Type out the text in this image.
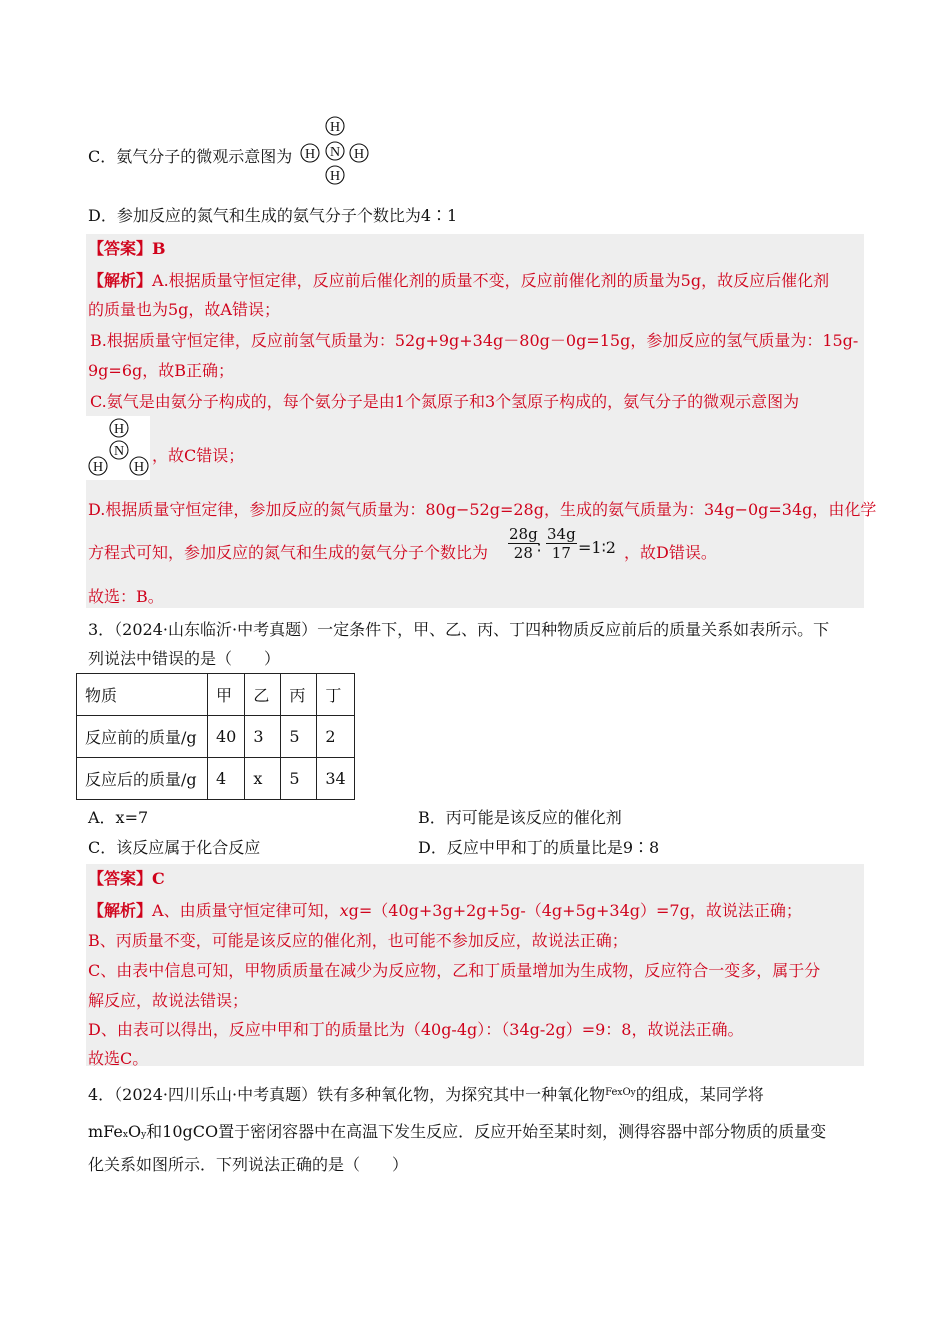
C．氨气分子的微观示意图为
H
N
H	H
H
D．参加反应的氮气和生成的氨气分子个数比为4∶1
【答案】B
【解析】A.根据质量守恒定律，反应前后催化剂的质量不变，反应前催化剂的质量为5g，故反应后催化剂
的质量也为5g，故A错误；
B.根据质量守恒定律，反应前氢气质量为：52g+9g+34g－80g－0g=15g，参加反应的氢气质量为：15g-
9g=6g，故B正确；
C.氨气是由氨分子构成的，每个氨分子是由1个氮原子和3个氢原子构成的，氨气分子的微观示意图为
H
N
H H
，故C错误；
D.根据质量守恒定律，参加反应的氮气质量为：80g−52g=28g，生成的氨气质量为：34g−0g=34g，由化学
方程式可知，参加反应的氮气和生成的氨气分子个数比为 $\frac{28g}{28}$
∶ $\frac{34g}{17}$ =1∶2 ，故D错误。
故选：B。
3．（2024·山东临沂·中考真题）一定条件下，甲、乙、丙、丁四种物质反应前后的质量关系如表所示。下
列说法中错误的是（　　）
物质	甲	乙	丙	丁
反应前的质量/g	40	3	5	2
反应后的质量/g	4	x	5	34
A．x=7	B．丙可能是该反应的催化剂
C．该反应属于化合反应	D．反应中甲和丁的质量比是9∶8
【答案】C
【解析】A、由质量守恒定律可知，xg=（40g+3g+2g+5g-（4g+5g+34g）=7g，故说法正确；
B、丙质量不变，可能是该反应的催化剂，也可能不参加反应，故说法正确；
C、由表中信息可知，甲物质质量在减少为反应物，乙和丁质量增加为生成物，反应符合一变多，属于分
解反应，故说法错误；
D、由表可以得出，反应中甲和丁的质量比为（40g-4g）：（34g-2g）=9：8，故说法正确。
故选C。
4．（2024·四川乐山·中考真题）铁有多种氧化物，为探究其中一种氧化物$^{FexOy}$的组成，某同学将
mFexOy和10gCO置于密闭容器中在高温下发生反应．反应开始至某时刻，测得容器中部分物质的质量变
化关系如图所示．下列说法正确的是（　　）
